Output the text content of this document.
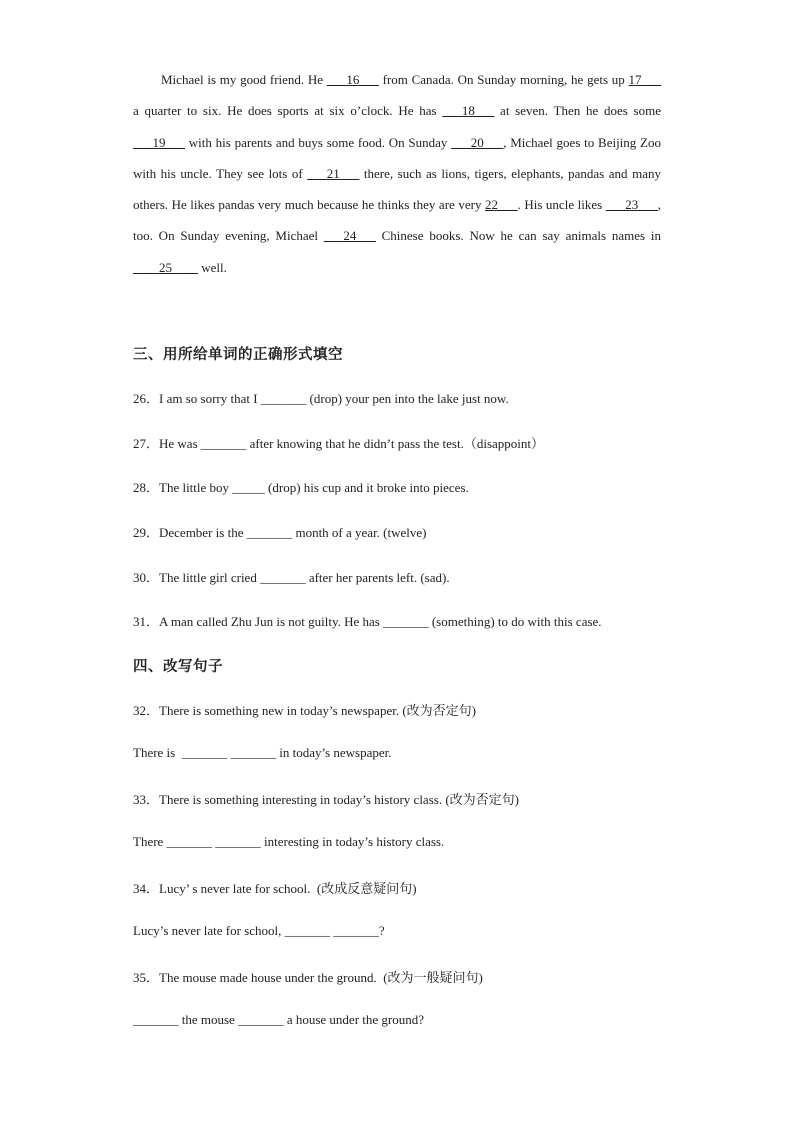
Michael is my good friend. He ___16___ from Canada. On Sunday morning, he gets up 17___ a quarter to six. He does sports at six o’clock. He has ___18___ at seven. Then he does some ___19___ with his parents and buys some food. On Sunday ___20___, Michael goes to Beijing Zoo with his uncle. They see lots of ___21___ there, such as lions, tigers, elephants, pandas and many others. He likes pandas very much because he thinks they are very 22___. His uncle likes ___23___, too. On Sunday evening, Michael ___24___ Chinese books. Now he can say animals names in ____25____ well.
三、用所给单词的正确形式填空
26．I am so sorry that I _______ (drop) your pen into the lake just now.
27．He was _______ after knowing that he didn’t pass the test.（disappoint）
28．The little boy _____ (drop) his cup and it broke into pieces.
29．December is the _______ month of a year. (twelve)
30．The little girl cried _______ after her parents left. (sad).
31．A man called Zhu Jun is not guilty. He has _______ (something) to do with this case.
四、改写句子
32．There is something new in today’s newspaper. (改为否定句)
There is  _______ _______ in today’s newspaper.
33．There is something interesting in today’s history class. (改为否定句)
There _______ _______ interesting in today’s history class.
34．Lucy’ s never late for school.  (改成反意疑问句)
Lucy’s never late for school, _______ _______?
35．The mouse made house under the ground.  (改为一般疑问句)
_______ the mouse _______ a house under the ground?
